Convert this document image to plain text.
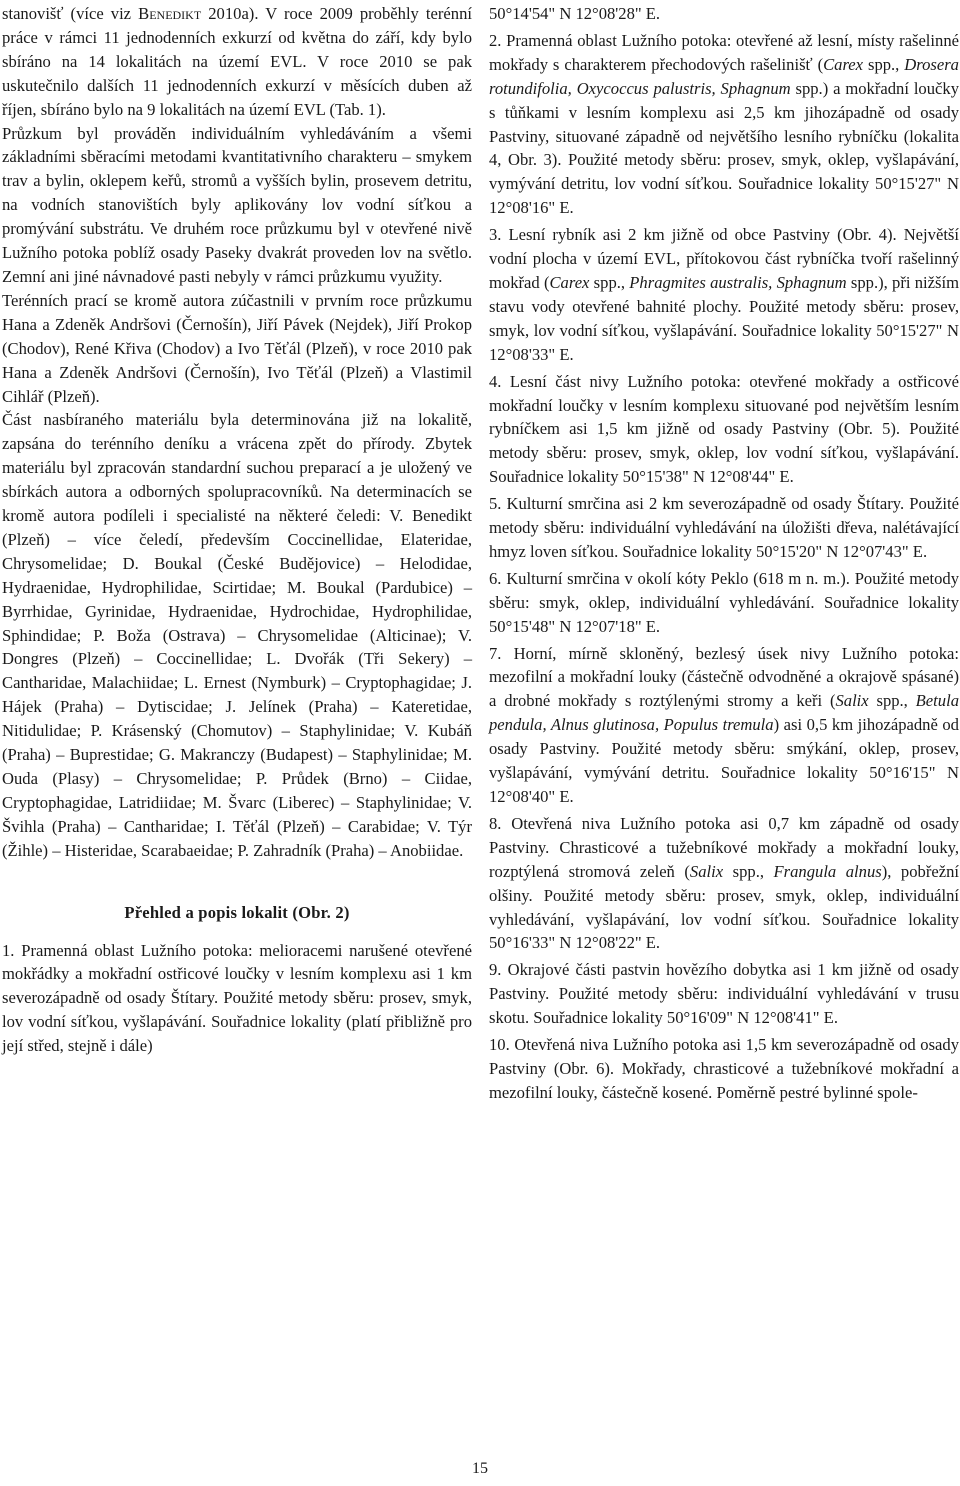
stanovišť (více viz Benedikt 2010a). V roce 2009 proběhly terénní práce v rámci 11 jednodenních exkurzí od května do září, kdy bylo sbíráno na 14 lokalitách na území EVL. V roce 2010 se pak uskutečnilo dalších 11 jednodenních exkurzí v měsících duben až říjen, sbíráno bylo na 9 lokalitách na území EVL (Tab. 1).

Průzkum byl prováděn individuálním vyhledáváním a všemi základními sběracími metodami kvantitativního charakteru – smykem trav a bylin, oklepem keřů, stromů a vyšších bylin, prosevem detritu, na vodních stanovištích byly aplikovány lov vodní síťkou a promývání substrátu. Ve druhém roce průzkumu byl v otevřené nivě Lužního potoka poblíž osady Paseky dvakrát proveden lov na světlo. Zemní ani jiné návnadové pasti nebyly v rámci průzkumu využity.

Terénních prací se kromě autora zúčastnili v prvním roce průzkumu Hana a Zdeněk Andršovi (Černošín), Jiří Pávek (Nejdek), Jiří Prokop (Chodov), René Křiva (Chodov) a Ivo Těťál (Plzeň), v roce 2010 pak Hana a Zdeněk Andršovi (Černošín), Ivo Těťál (Plzeň) a Vlastimil Cihlář (Plzeň).

Část nasbíraného materiálu byla determinována již na lokalitě, zapsána do terénního deníku a vrácena zpět do přírody. Zbytek materiálu byl zpracován standardní suchou preparací a je uložený ve sbírkách autora a odborných spolupracovníků. Na determinacích se kromě autora podíleli i specialisté na některé čeledi: V. Benedikt (Plzeň) – více čeledí, především Coccinellidae, Elateridae, Chrysomelidae; D. Boukal (České Budějovice) – Helodidae, Hydraenidae, Hydrophilidae, Scirtidae; M. Boukal (Pardubice) – Byrrhidae, Gyrinidae, Hydraenidae, Hydrochidae, Hydrophilidae, Sphindidae; P. Boža (Ostrava) – Chrysomelidae (Alticinae); V. Dongres (Plzeň) – Coccinellidae; L. Dvořák (Tři Sekery) – Cantharidae, Malachiidae; L. Ernest (Nymburk) – Cryptophagidae; J. Hájek (Praha) – Dytiscidae; J. Jelínek (Praha) – Kateretidae, Nitidulidae; P. Krásenský (Chomutov) – Staphylinidae; V. Kubáň (Praha) – Buprestidae; G. Makranczy (Budapest) – Staphylinidae; M. Ouda (Plasy) – Chrysomelidae; P. Průdek (Brno) – Ciidae, Cryptophagidae, Latridiidae; M. Švarc (Liberec) – Staphylinidae; V. Švihla (Praha) – Cantharidae; I. Těťál (Plzeň) – Carabidae; V. Týr (Žihle) – Histeridae, Scarabaeidae; P. Zahradník (Praha) – Anobiidae.

Přehled a popis lokalit (Obr. 2)

1. Pramenná oblast Lužního potoka: melioracemi narušené otevřené mokřádky a mokřadní ostřicové loučky v lesním komplexu asi 1 km severozápadně od osady Štítary. Použité metody sběru: prosev, smyk, lov vodní síťkou, vyšlapávání. Souřadnice lokality (platí přibližně pro její střed, stejně i dále)

50°14'54" N 12°08'28" E.

2. Pramenná oblast Lužního potoka: otevřené až lesní, místy rašelinné mokřady s charakterem přechodových rašelinišť (Carex spp., Drosera rotundifolia, Oxycoccus palustris, Sphagnum spp.) a mokřadní loučky s tůňkami v lesním komplexu asi 2,5 km jihozápadně od osady Pastviny, situované západně od největšího lesního rybníčku (lokalita 4, Obr. 3). Použité metody sběru: prosev, smyk, oklep, vyšlapávání, vymývání detritu, lov vodní síťkou. Souřadnice lokality 50°15'27" N 12°08'16" E.

3. Lesní rybník asi 2 km jižně od obce Pastviny (Obr. 4). Největší vodní plocha v území EVL, přítokovou část rybníčka tvoří rašelinný mokřad (Carex spp., Phragmites australis, Sphagnum spp.), při nižším stavu vody otevřené bahnité plochy. Použité metody sběru: prosev, smyk, lov vodní síťkou, vyšlapávání. Souřadnice lokality 50°15'27" N 12°08'33" E.

4. Lesní část nivy Lužního potoka: otevřené mokřady a ostřicové mokřadní loučky v lesním komplexu situované pod největším lesním rybníčkem asi 1,5 km jižně od osady Pastviny (Obr. 5). Použité metody sběru: prosev, smyk, oklep, lov vodní síťkou, vyšlapávání. Souřadnice lokality 50°15'38" N 12°08'44" E.

5. Kulturní smrčina asi 2 km severozápadně od osady Štítary. Použité metody sběru: individuální vyhledávání na úložišti dřeva, nalétávající hmyz loven síťkou. Souřadnice lokality 50°15'20" N 12°07'43" E.

6. Kulturní smrčina v okolí kóty Peklo (618 m n. m.). Použité metody sběru: smyk, oklep, individuální vyhledávání. Souřadnice lokality 50°15'48" N 12°07'18" E.

7. Horní, mírně skloněný, bezlesý úsek nivy Lužního potoka: mezofilní a mokřadní louky (částečně odvodněné a okrajově spásané) a drobné mokřady s roztýlenými stromy a keři (Salix spp., Betula pendula, Alnus glutinosa, Populus tremula) asi 0,5 km jihozápadně od osady Pastviny. Použité metody sběru: smýkání, oklep, prosev, vyšlapávání, vymývání detritu. Souřadnice lokality 50°16'15" N 12°08'40" E.

8. Otevřená niva Lužního potoka asi 0,7 km západně od osady Pastviny. Chrasticové a tužebníkové mokřady a mokřadní louky, rozptýlená stromová zeleň (Salix spp., Frangula alnus), pobřežní olšiny. Použité metody sběru: prosev, smyk, oklep, individuální vyhledávání, vyšlapávání, lov vodní síťkou. Souřadnice lokality 50°16'33" N 12°08'22" E.

9. Okrajové části pastvin hovězího dobytka asi 1 km jižně od osady Pastviny. Použité metody sběru: individuální vyhledávání v trusu skotu. Souřadnice lokality 50°16'09" N 12°08'41" E.

10. Otevřená niva Lužního potoka asi 1,5 km severozápadně od osady Pastviny (Obr. 6). Mokřady, chrasticové a tužebníkové mokřadní a mezofilní louky, částečně kosené. Poměrně pestré bylinné spole-

15
